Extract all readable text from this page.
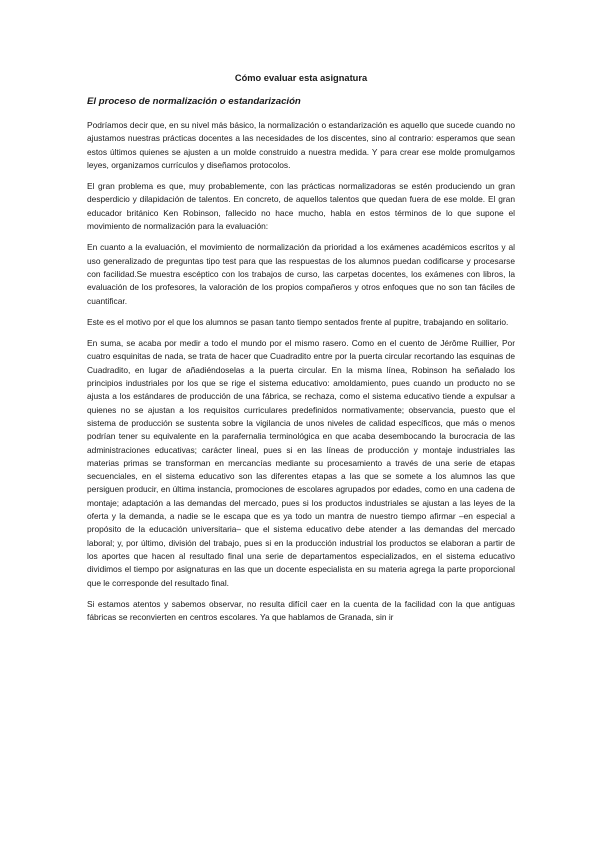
Cómo evaluar esta asignatura
El proceso de normalización o estandarización

Podríamos decir que, en su nivel más básico, la normalización o estandarización es aquello que sucede cuando no ajustamos nuestras prácticas docentes a las necesidades de los discentes, sino al contrario: esperamos que sean estos últimos quienes se ajusten a un molde construido a nuestra medida. Y para crear ese molde promulgamos leyes, organizamos currículos y diseñamos protocolos.

El gran problema es que, muy probablemente, con las prácticas normalizadoras se estén produciendo un gran desperdicio y dilapidación de talentos. En concreto, de aquellos talentos que quedan fuera de ese molde. El gran educador británico Ken Robinson, fallecido no hace mucho, habla en estos términos de lo que supone el movimiento de normalización para la evaluación:

En cuanto a la evaluación, el movimiento de normalización da prioridad a los exámenes académicos escritos y al uso generalizado de preguntas tipo test para que las respuestas de los alumnos puedan codificarse y procesarse con facilidad.Se muestra escéptico con los trabajos de curso, las carpetas docentes, los exámenes con libros, la evaluación de los profesores, la valoración de los propios compañeros y otros enfoques que no son tan fáciles de cuantificar.

Este es el motivo por el que los alumnos se pasan tanto tiempo sentados frente al pupitre, trabajando en solitario.

En suma, se acaba por medir a todo el mundo por el mismo rasero. Como en el cuento de Jérôme Ruillier, Por cuatro esquinitas de nada, se trata de hacer que Cuadradito entre por la puerta circular recortando las esquinas de Cuadradito, en lugar de añadiéndoselas a la puerta circular. En la misma línea, Robinson ha señalado los principios industriales por los que se rige el sistema educativo: amoldamiento, pues cuando un producto no se ajusta a los estándares de producción de una fábrica, se rechaza, como el sistema educativo tiende a expulsar a quienes no se ajustan a los requisitos curriculares predefinidos normativamente; observancia, puesto que el sistema de producción se sustenta sobre la vigilancia de unos niveles de calidad específicos, que más o menos podrían tener su equivalente en la parafernalia terminológica en que acaba desembocando la burocracia de las administraciones educativas; carácter lineal, pues si en las líneas de producción y montaje industriales las materias primas se transforman en mercancías mediante su procesamiento a través de una serie de etapas secuenciales, en el sistema educativo son las diferentes etapas a las que se somete a los alumnos las que persiguen producir, en última instancia, promociones de escolares agrupados por edades, como en una cadena de montaje; adaptación a las demandas del mercado, pues si los productos industriales se ajustan a las leyes de la oferta y la demanda, a nadie se le escapa que es ya todo un mantra de nuestro tiempo afirmar –en especial a propósito de la educación universitaria– que el sistema educativo debe atender a las demandas del mercado laboral; y, por último, división del trabajo, pues si en la producción industrial los productos se elaboran a partir de los aportes que hacen al resultado final una serie de departamentos especializados, en el sistema educativo dividimos el tiempo por asignaturas en las que un docente especialista en su materia agrega la parte proporcional que le corresponde del resultado final.

Si estamos atentos y sabemos observar, no resulta difícil caer en la cuenta de la facilidad con la que antiguas fábricas se reconvierten en centros escolares. Ya que hablamos de Granada, sin ir
